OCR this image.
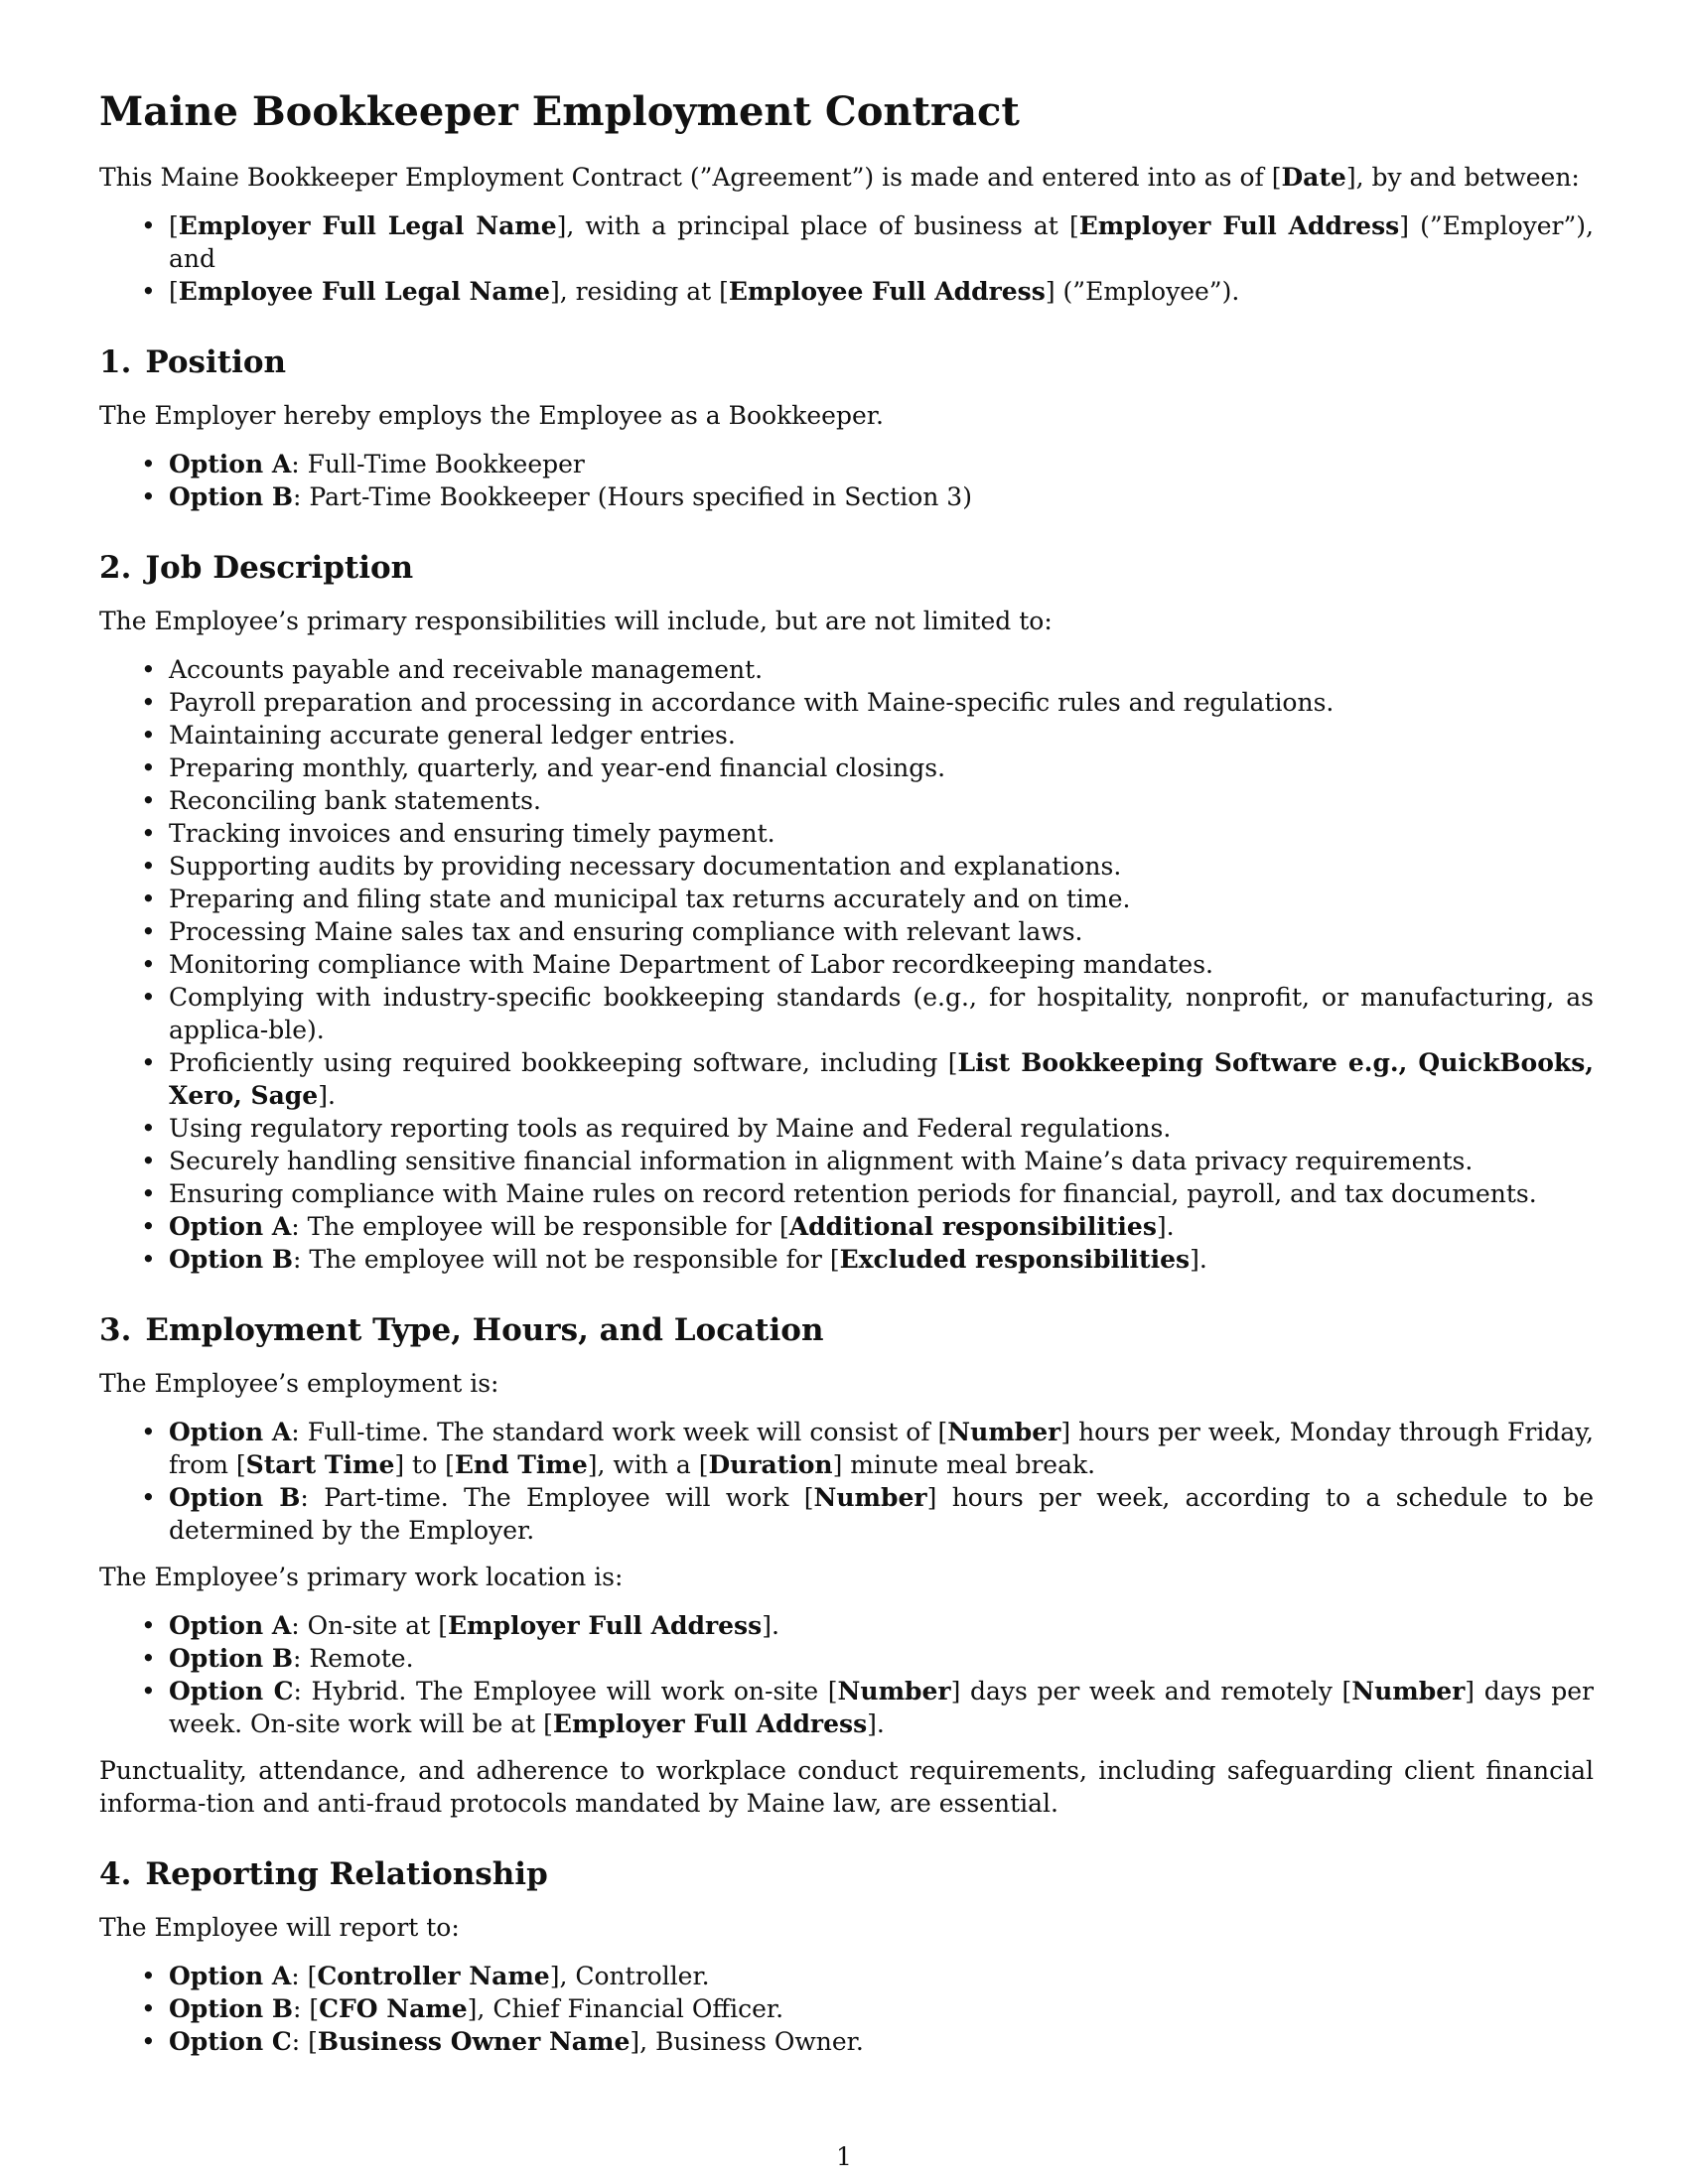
Maine Bookkeeper Employment Contract

This Maine Bookkeeper Employment Contract (”Agreement”) is made and entered into as of [Date], by and between:

• [Employer Full Legal Name], with a principal place of business at [Employer Full Address] (”Employer”), and
• [Employee Full Legal Name], residing at [Employee Full Address] (”Employee”).
1. Position

The Employer hereby employs the Employee as a Bookkeeper.

• Option A: Full-Time Bookkeeper
• Option B: Part-Time Bookkeeper (Hours specified in Section 3)
2. Job Description

The Employee’s primary responsibilities will include, but are not limited to:

• Accounts payable and receivable management.
• Payroll preparation and processing in accordance with Maine-specific rules and regulations.
• Maintaining accurate general ledger entries.
• Preparing monthly, quarterly, and year-end financial closings.
• Reconciling bank statements.
• Tracking invoices and ensuring timely payment.
• Supporting audits by providing necessary documentation and explanations.
• Preparing and filing state and municipal tax returns accurately and on time.
• Processing Maine sales tax and ensuring compliance with relevant laws.
• Monitoring compliance with Maine Department of Labor recordkeeping mandates.
• Complying with industry-specific bookkeeping standards (e.g., for hospitality, nonprofit, or manufacturing, as applica-ble).
• Proficiently using required bookkeeping software, including [List Bookkeeping Software e.g., QuickBooks, Xero, Sage].
• Using regulatory reporting tools as required by Maine and Federal regulations.
• Securely handling sensitive financial information in alignment with Maine’s data privacy requirements.
• Ensuring compliance with Maine rules on record retention periods for financial, payroll, and tax documents.
• Option A: The employee will be responsible for [Additional responsibilities].
• Option B: The employee will not be responsible for [Excluded responsibilities].
3. Employment Type, Hours, and Location

The Employee’s employment is:

• Option A: Full-time. The standard work week will consist of [Number] hours per week, Monday through Friday, from [Start Time] to [End Time], with a [Duration] minute meal break.
• Option B: Part-time. The Employee will work [Number] hours per week, according to a schedule to be determined by the Employer.

The Employee’s primary work location is:

• Option A: On-site at [Employer Full Address].
• Option B: Remote.
• Option C: Hybrid. The Employee will work on-site [Number] days per week and remotely [Number] days per week. On-site work will be at [Employer Full Address].

Punctuality, attendance, and adherence to workplace conduct requirements, including safeguarding client financial informa-tion and anti-fraud protocols mandated by Maine law, are essential.

4. Reporting Relationship

The Employee will report to:

• Option A: [Controller Name], Controller.
• Option B: [CFO Name], Chief Financial Officer.
• Option C: [Business Owner Name], Business Owner.
1
